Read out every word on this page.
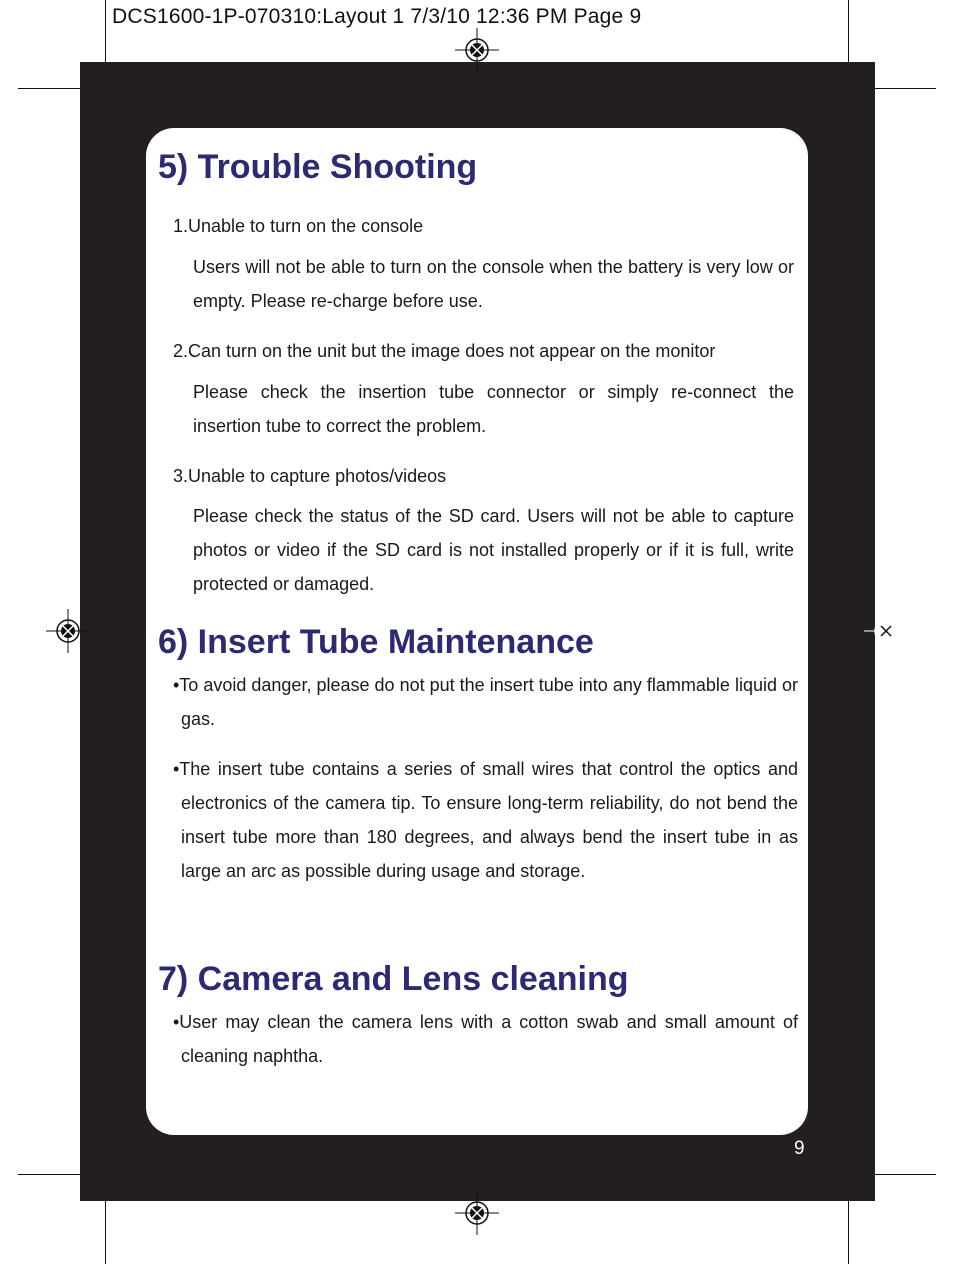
DCS1600-1P-070310:Layout 1 7/3/10 12:36 PM Page 9
5) Trouble Shooting

1.Unable to turn on the console

Users will not be able to turn on the console when the battery is very low or empty. Please re-charge before use.

2.Can turn on the unit but the image does not appear on the monitor

Please check the insertion tube connector or simply re-connect the insertion tube to correct the problem.

3.Unable to capture photos/videos

Please check the status of the SD card. Users will not be able to capture photos or video if the SD card is not installed properly or if it is full, write protected or damaged.

6) Insert Tube Maintenance

•To avoid danger, please do not put the insert tube into any flammable liquid or gas.

•The insert tube contains a series of small wires that control the optics and electronics of the camera tip. To ensure long-term reliability, do not bend the insert tube more than 180 degrees, and always bend the insert tube in as large an arc as possible during usage and storage.

7) Camera and Lens cleaning

•User may clean the camera lens with a cotton swab and small amount of cleaning naphtha.

9
